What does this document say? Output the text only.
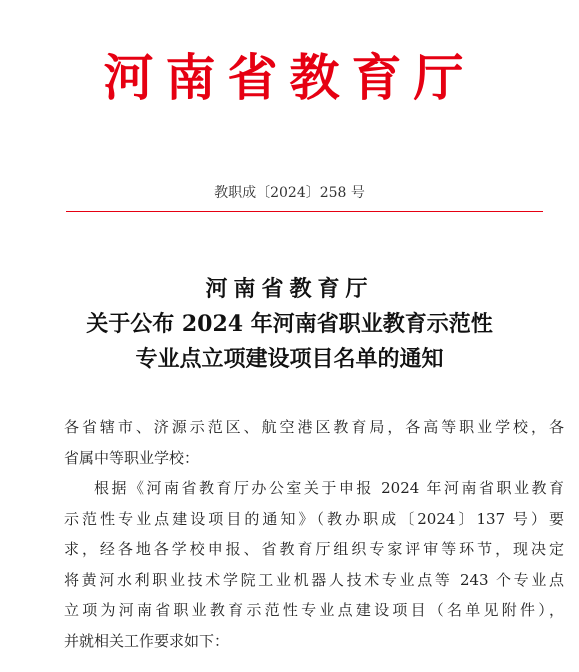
河南省教育厅
教职成〔2024〕258 号
河南省教育厅
关于公布 2024 年河南省职业教育示范性
专业点立项建设项目名单的通知

各省辖市、济源示范区、航空港区教育局，各高等职业学校，各

省属中等职业学校：

根据《河南省教育厅办公室关于申报 2024 年河南省职业教育

示范性专业点建设项目的通知》（教办职成〔2024〕137 号）要

求，经各地各学校申报、省教育厅组织专家评审等环节，现决定

将黄河水利职业技术学院工业机器人技术专业点等 243 个专业点

立项为河南省职业教育示范性专业点建设项目（名单见附件），

并就相关工作要求如下：
